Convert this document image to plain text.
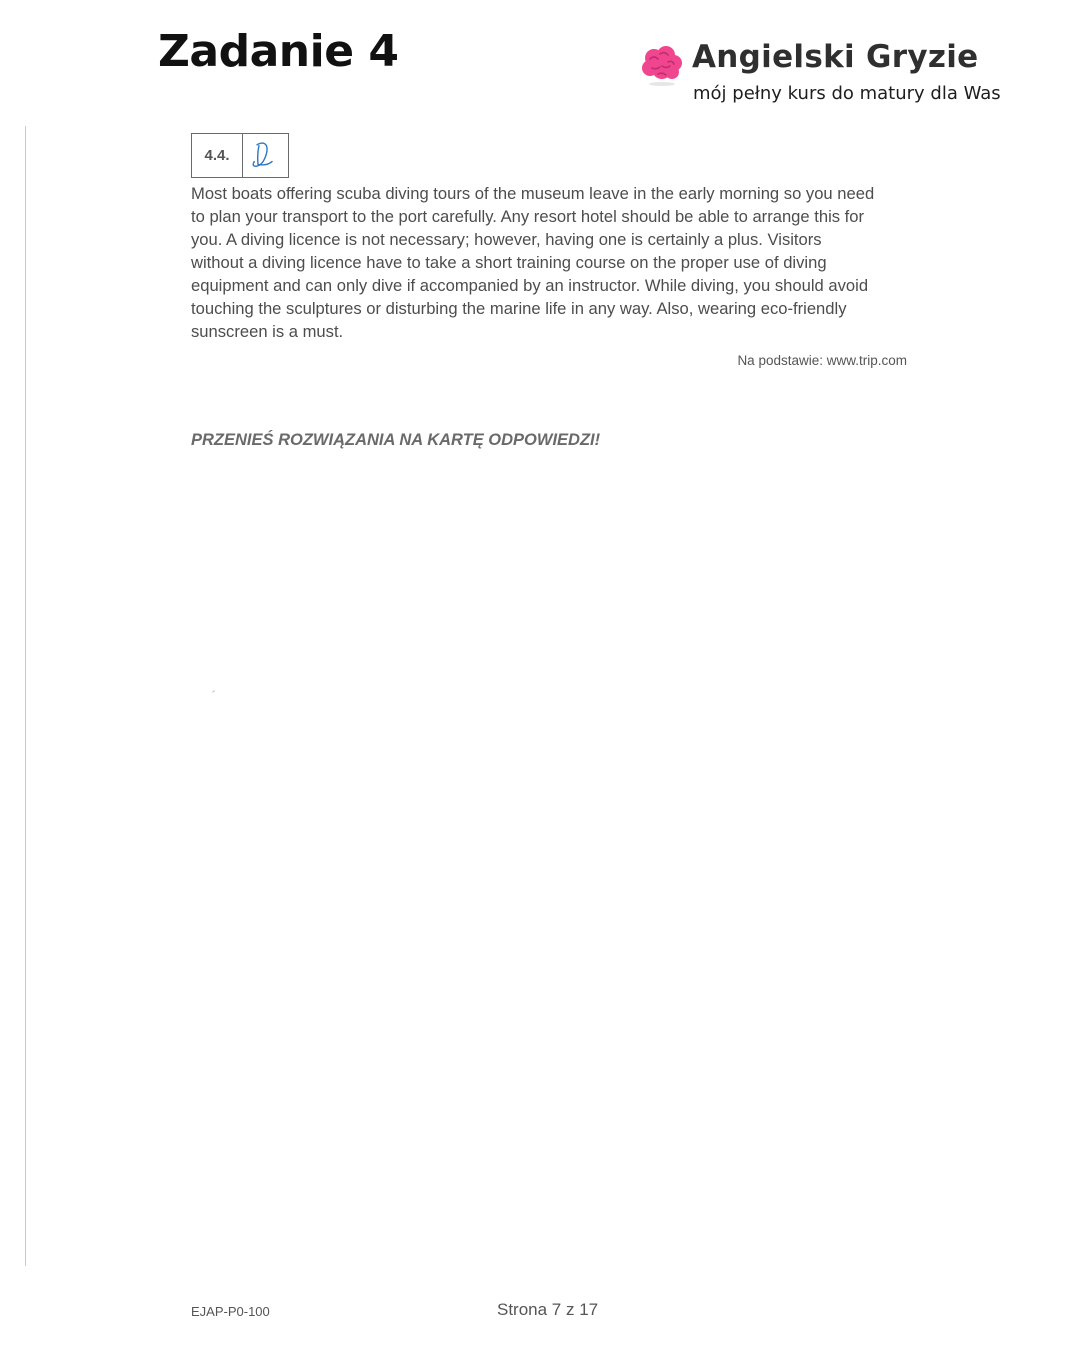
Zadanie 4	Angielski Gryzie
mój pełny kurs do matury dla Was
4.4.
Most boats offering scuba diving tours of the museum leave in the early morning so you need
to plan your transport to the port carefully. Any resort hotel should be able to arrange this for
you. A diving licence is not necessary; however, having one is certainly a plus. Visitors
without a diving licence have to take a short training course on the proper use of diving
equipment and can only dive if accompanied by an instructor. While diving, you should avoid
touching the sculptures or disturbing the marine life in any way. Also, wearing eco-friendly
sunscreen is a must.
Na podstawie: www.trip.com
PRZENIEŚ ROZWIĄZANIA NA KARTĘ ODPOWIEDZI!
EJAP-P0-100	Strona 7 z 17
